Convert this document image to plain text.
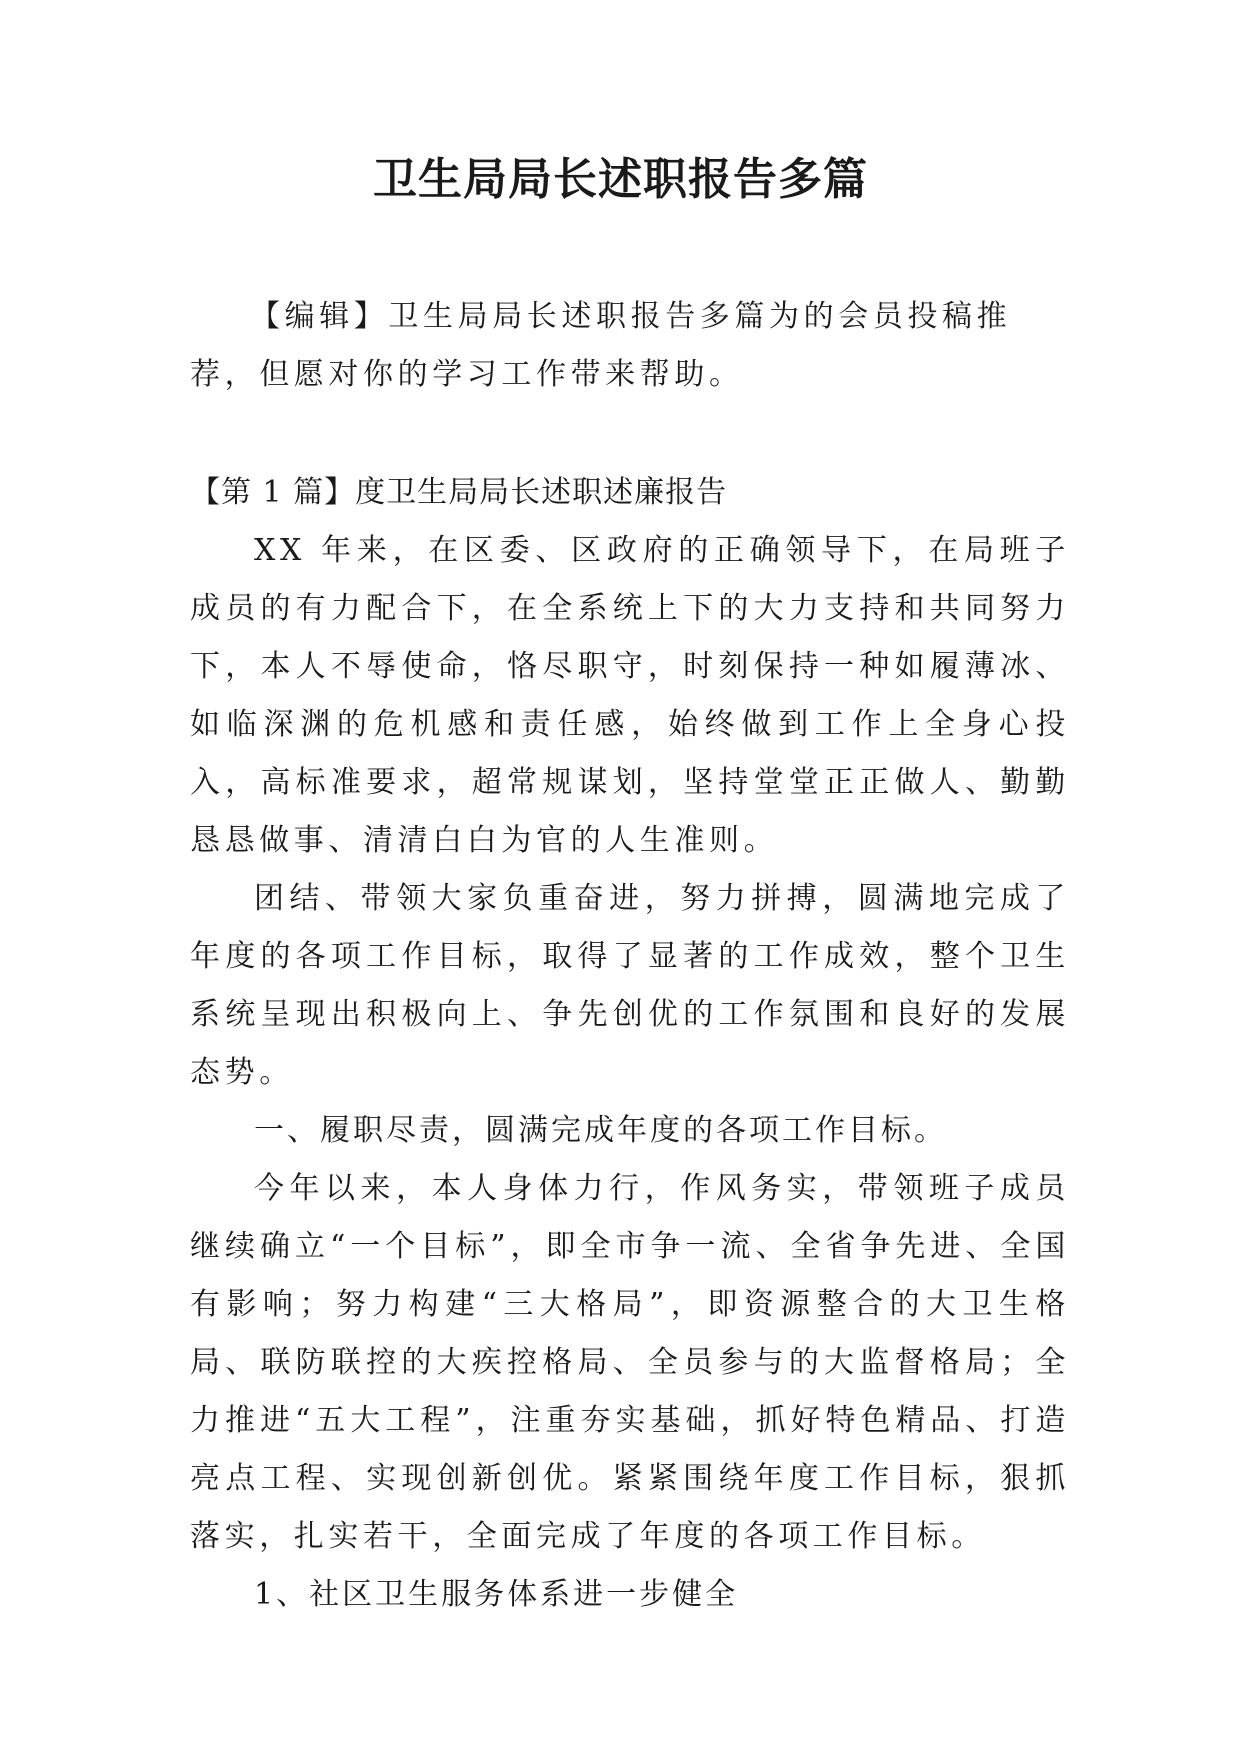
卫生局局长述职报告多篇

【编辑】卫生局局长述职报告多篇为的会员投稿推荐，但愿对你的学习工作带来帮助。

【第 1 篇】度卫生局局长述职述廉报告

XX 年来，在区委、区政府的正确领导下，在局班子成员的有力配合下，在全系统上下的大力支持和共同努力下，本人不辱使命，恪尽职守，时刻保持一种如履薄冰、如临深渊的危机感和责任感，始终做到工作上全身心投入，高标准要求，超常规谋划，坚持堂堂正正做人、勤勤恳恳做事、清清白白为官的人生准则。

团结、带领大家负重奋进，努力拼搏，圆满地完成了年度的各项工作目标，取得了显著的工作成效，整个卫生系统呈现出积极向上、争先创优的工作氛围和良好的发展态势。

一、履职尽责，圆满完成年度的各项工作目标。

今年以来，本人身体力行，作风务实，带领班子成员继续确立“一个目标”，即全市争一流、全省争先进、全国有影响；努力构建“三大格局”，即资源整合的大卫生格局、联防联控的大疾控格局、全员参与的大监督格局；全力推进“五大工程”，注重夯实基础，抓好特色精品、打造亮点工程、实现创新创优。紧紧围绕年度工作目标，狠抓落实，扎实若干，全面完成了年度的各项工作目标。

1、社区卫生服务体系进一步健全
